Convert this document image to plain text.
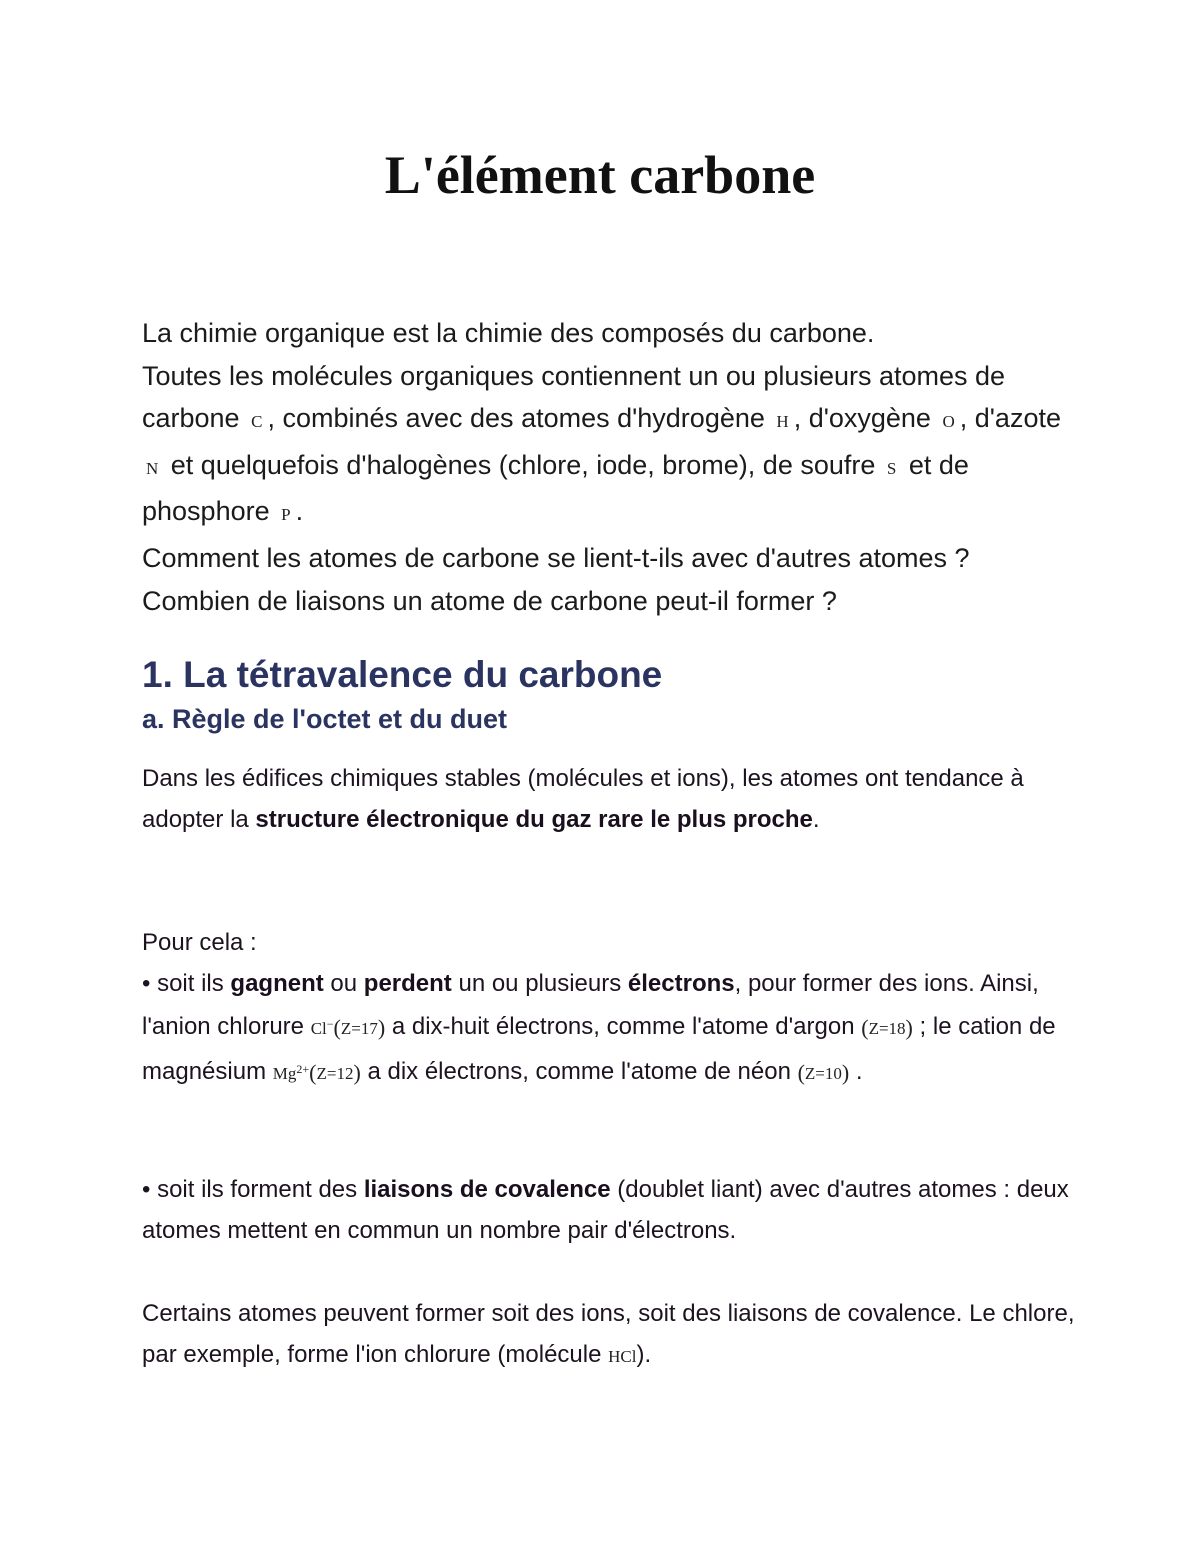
L'élément carbone

La chimie organique est la chimie des composés du carbone.

Toutes les molécules organiques contiennent un ou plusieurs atomes de carbone C , combinés avec des atomes d'hydrogène H , d'oxygène O , d'azote N et quelquefois d'halogènes (chlore, iode, brome), de soufre S et de phosphore P .

Comment les atomes de carbone se lient-t-ils avec d'autres atomes ?

Combien de liaisons un atome de carbone peut-il former ?

1. La tétravalence du carbone
a. Règle de l'octet et du duet

Dans les édifices chimiques stables (molécules et ions), les atomes ont tendance à adopter la structure électronique du gaz rare le plus proche.

Pour cela :
• soit ils gagnent ou perdent un ou plusieurs électrons, pour former des ions. Ainsi, l'anion chlorure Cl−(Z=17) a dix-huit électrons, comme l'atome d'argon (Z=18) ; le cation de magnésium $Mg^{2+}(Z=12)$ a dix électrons, comme l'atome de néon (Z=10) .

• soit ils forment des liaisons de covalence (doublet liant) avec d'autres atomes : deux atomes mettent en commun un nombre pair d'électrons.

Certains atomes peuvent former soit des ions, soit des liaisons de covalence. Le chlore, par exemple, forme l'ion chlorure (molécule HCl).
